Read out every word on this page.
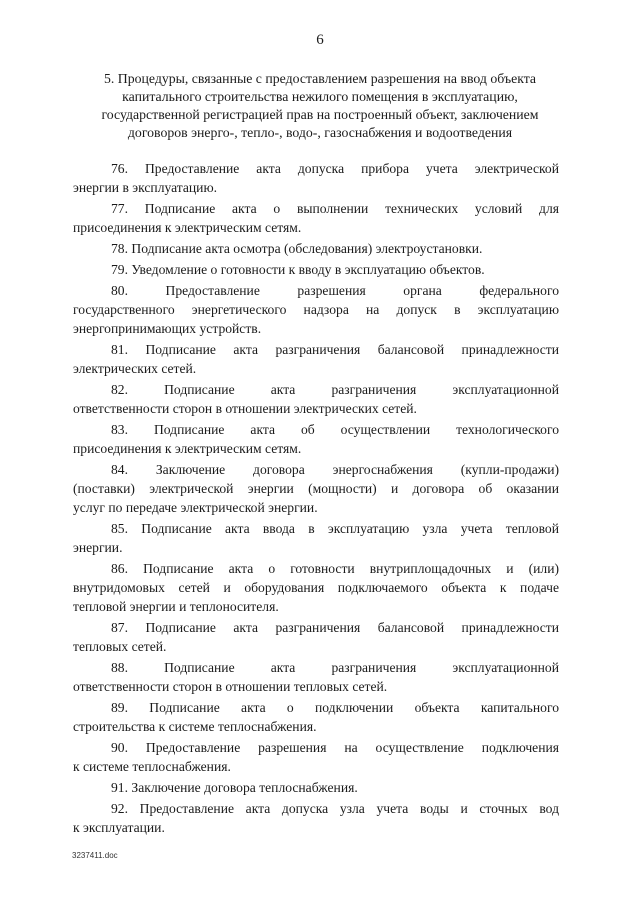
6
5. Процедуры, связанные с предоставлением разрешения на ввод объекта
капитального строительства нежилого помещения в эксплуатацию,
государственной регистрацией прав на построенный объект, заключением
договоров энерго-, тепло-, водо-, газоснабжения и водоотведения
76. Предоставление акта допуска прибора учета электрической
энергии в эксплуатацию.
77. Подписание акта о выполнении технических условий для
присоединения к электрическим сетям.
78. Подписание акта осмотра (обследования) электроустановки.
79. Уведомление о готовности к вводу в эксплуатацию объектов.
80. Предоставление разрешения органа федерального
государственного энергетического надзора на допуск в эксплуатацию
энергопринимающих устройств.
81. Подписание акта разграничения балансовой принадлежности
электрических сетей.
82. Подписание акта разграничения эксплуатационной
ответственности сторон в отношении электрических сетей.
83. Подписание акта об осуществлении технологического
присоединения к электрическим сетям.
84. Заключение договора энергоснабжения (купли-продажи)
(поставки) электрической энергии (мощности) и договора об оказании
услуг по передаче электрической энергии.
85. Подписание акта ввода в эксплуатацию узла учета тепловой
энергии.
86. Подписание акта о готовности внутриплощадочных и (или)
внутридомовых сетей и оборудования подключаемого объекта к подаче
тепловой энергии и теплоносителя.
87. Подписание акта разграничения балансовой принадлежности
тепловых сетей.
88. Подписание акта разграничения эксплуатационной
ответственности сторон в отношении тепловых сетей.
89. Подписание акта о подключении объекта капитального
строительства к системе теплоснабжения.
90. Предоставление разрешения на осуществление подключения
к системе теплоснабжения.
91. Заключение договора теплоснабжения.
92. Предоставление акта допуска узла учета воды и сточных вод
к эксплуатации.
3237411.doc
